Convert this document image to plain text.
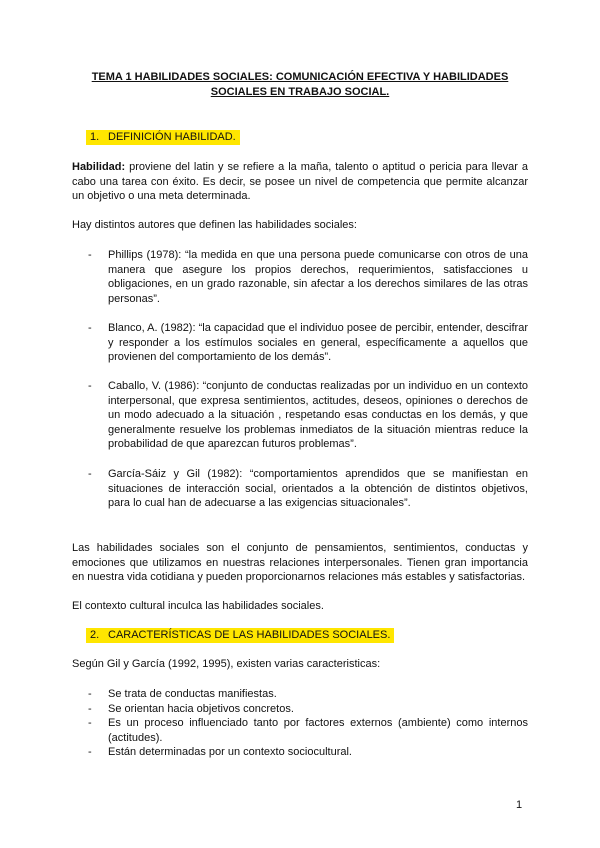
TEMA 1 HABILIDADES SOCIALES: COMUNICACIÓN EFECTIVA Y HABILIDADES SOCIALES EN TRABAJO SOCIAL.
1. DEFINICIÓN HABILIDAD.
Habilidad: proviene del latin y se refiere a la maña, talento o aptitud o pericia para llevar a cabo una tarea con éxito. Es decir, se posee un nivel de competencia que permite alcanzar un objetivo o una meta determinada.
Hay distintos autores que definen las habilidades sociales:
-	Phillips (1978): “la medida en que una persona puede comunicarse con otros de una manera que asegure los propios derechos, requerimientos, satisfacciones u obligaciones, en un grado razonable, sin afectar a los derechos similares de las otras personas”.
-	Blanco, A. (1982): “la capacidad que el individuo posee de percibir, entender, descifrar y responder a los estímulos sociales en general, específicamente a aquellos que provienen del comportamiento de los demás”.
-	Caballo, V. (1986): “conjunto de conductas realizadas por un individuo en un contexto interpersonal, que expresa sentimientos, actitudes, deseos, opiniones o derechos de un modo adecuado a la situación , respetando esas conductas en los demás, y que generalmente resuelve los problemas inmediatos de la situación mientras reduce la probabilidad de que aparezcan futuros problemas”.
-	García-Sáiz y Gil (1982): “comportamientos aprendidos que se manifiestan en situaciones de interacción social, orientados a la obtención de distintos objetivos, para lo cual han de adecuarse a las exigencias situacionales”.
Las habilidades sociales son el conjunto de pensamientos, sentimientos, conductas y emociones que utilizamos en nuestras relaciones interpersonales. Tienen gran importancia en nuestra vida cotidiana y pueden proporcionarnos relaciones más estables y satisfactorias.
El contexto cultural inculca las habilidades sociales.
2. CARACTERÍSTICAS DE LAS HABILIDADES SOCIALES.
Según Gil y García (1992, 1995), existen varias caracteristicas:
- Se trata de conductas manifiestas.
- Se orientan hacia objetivos concretos.
- Es un proceso influenciado tanto por factores externos (ambiente) como internos (actitudes).
- Están determinadas por un contexto sociocultural.
1
